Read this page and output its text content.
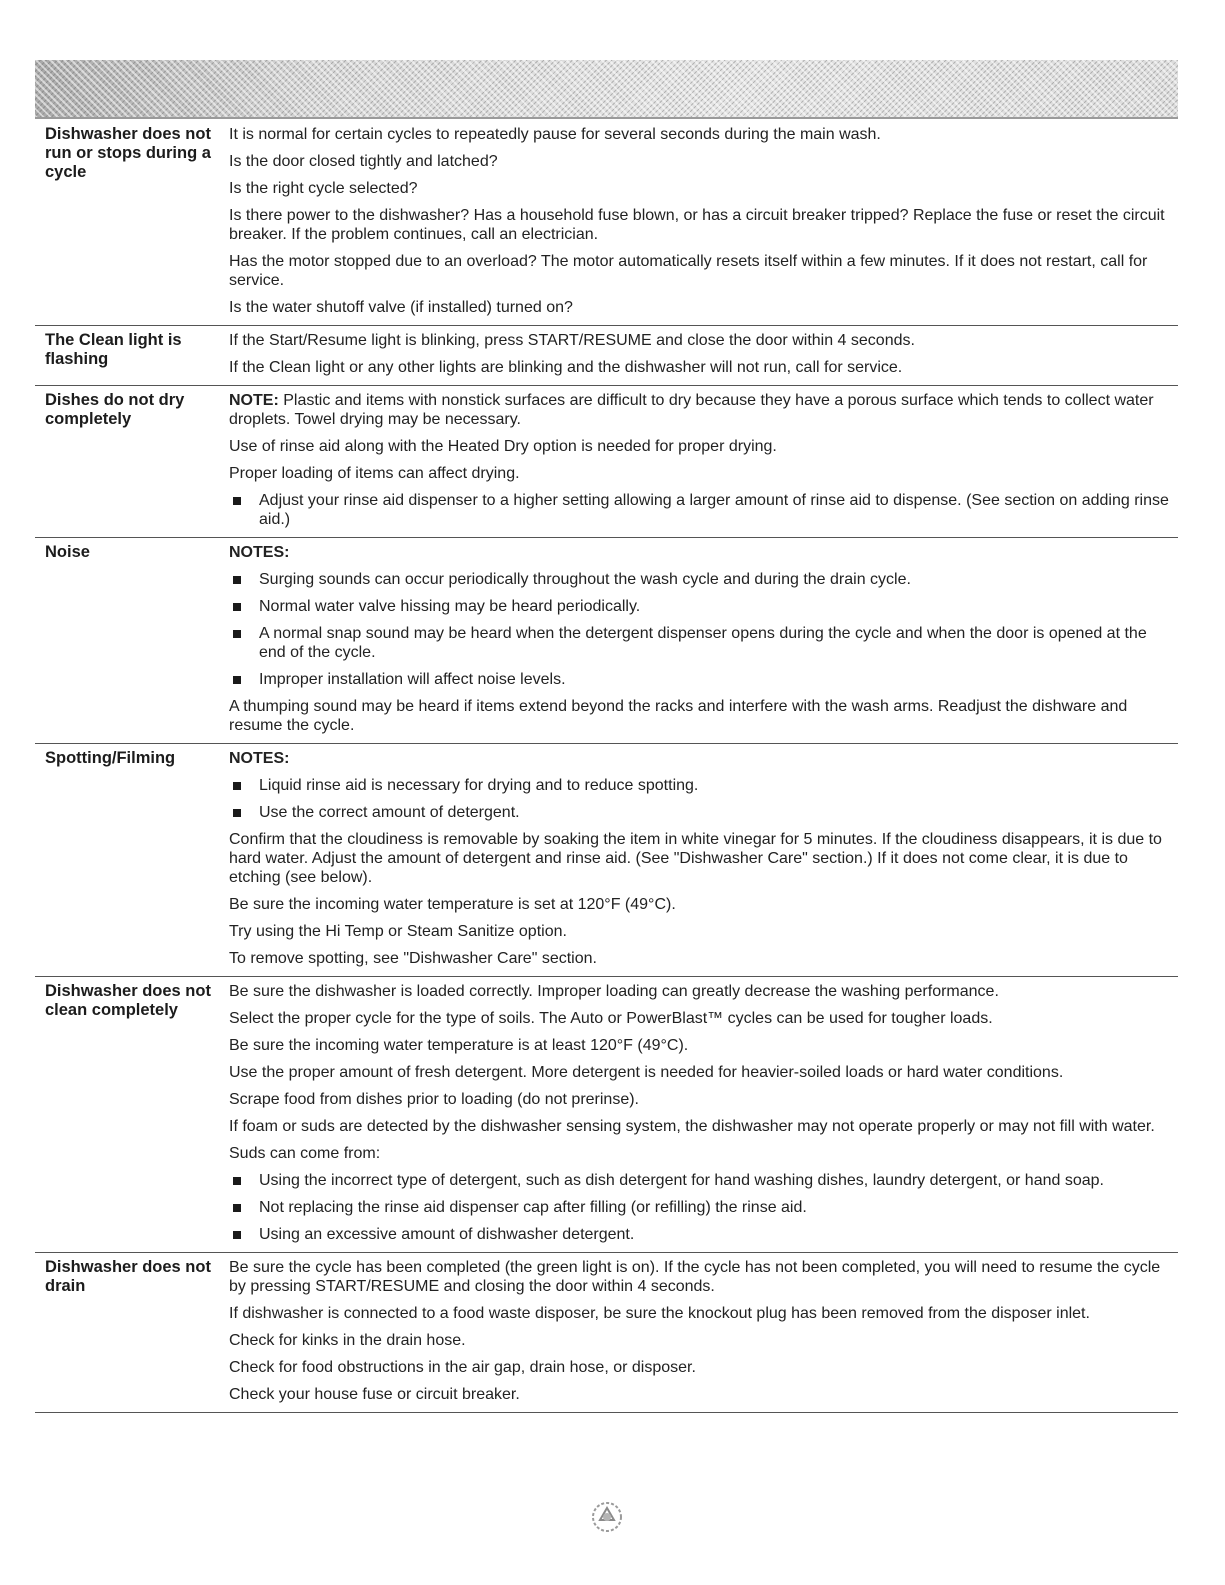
Dishwasher does not run or stops during a cycle

It is normal for certain cycles to repeatedly pause for several seconds during the main wash.

Is the door closed tightly and latched?

Is the right cycle selected?

Is there power to the dishwasher? Has a household fuse blown, or has a circuit breaker tripped? Replace the fuse or reset the circuit breaker. If the problem continues, call an electrician.

Has the motor stopped due to an overload? The motor automatically resets itself within a few minutes. If it does not restart, call for service.

Is the water shutoff valve (if installed) turned on?

The Clean light is flashing

If the Start/Resume light is blinking, press START/RESUME and close the door within 4 seconds.

If the Clean light or any other lights are blinking and the dishwasher will not run, call for service.

Dishes do not dry completely

NOTE: Plastic and items with nonstick surfaces are difficult to dry because they have a porous surface which tends to collect water droplets. Towel drying may be necessary.

Use of rinse aid along with the Heated Dry option is needed for proper drying.

Proper loading of items can affect drying.

Adjust your rinse aid dispenser to a higher setting allowing a larger amount of rinse aid to dispense. (See section on adding rinse aid.)
Noise	NOTES:

Surging sounds can occur periodically throughout the wash cycle and during the drain cycle.
Normal water valve hissing may be heard periodically.
A normal snap sound may be heard when the detergent dispenser opens during the cycle and when the door is opened at the end of the cycle.
Improper installation will affect noise levels.

A thumping sound may be heard if items extend beyond the racks and interfere with the wash arms. Readjust the dishware and resume the cycle.

Spotting/Filming	NOTES:

Liquid rinse aid is necessary for drying and to reduce spotting.
Use the correct amount of detergent.

Confirm that the cloudiness is removable by soaking the item in white vinegar for 5 minutes. If the cloudiness disappears, it is due to hard water. Adjust the amount of detergent and rinse aid. (See "Dishwasher Care" section.) If it does not come clear, it is due to etching (see below).

Be sure the incoming water temperature is set at 120°F (49°C).

Try using the Hi Temp or Steam Sanitize option.

To remove spotting, see "Dishwasher Care" section.

Dishwasher does not clean completely

Be sure the dishwasher is loaded correctly. Improper loading can greatly decrease the washing performance.

Select the proper cycle for the type of soils. The Auto or PowerBlast™ cycles can be used for tougher loads.

Be sure the incoming water temperature is at least 120°F (49°C).

Use the proper amount of fresh detergent. More detergent is needed for heavier-soiled loads or hard water conditions.

Scrape food from dishes prior to loading (do not prerinse).

If foam or suds are detected by the dishwasher sensing system, the dishwasher may not operate properly or may not fill with water.

Suds can come from:

Using the incorrect type of detergent, such as dish detergent for hand washing dishes, laundry detergent, or hand soap.
Not replacing the rinse aid dispenser cap after filling (or refilling) the rinse aid.
Using an excessive amount of dishwasher detergent.
Dishwasher does not drain

Be sure the cycle has been completed (the green light is on). If the cycle has not been completed, you will need to resume the cycle by pressing START/RESUME and closing the door within 4 seconds.

If dishwasher is connected to a food waste disposer, be sure the knockout plug has been removed from the disposer inlet.

Check for kinks in the drain hose.

Check for food obstructions in the air gap, drain hose, or disposer.

Check your house fuse or circuit breaker.
